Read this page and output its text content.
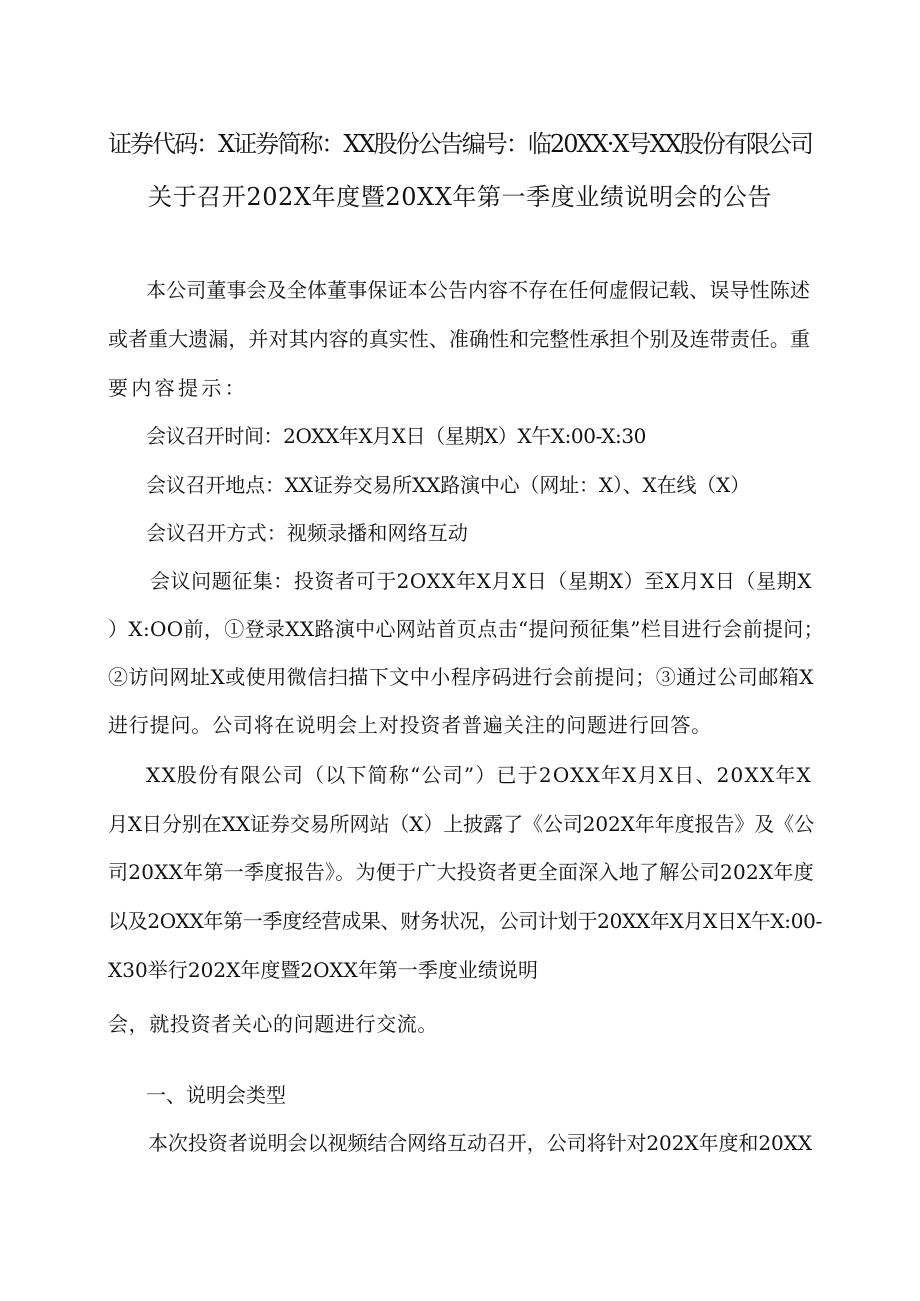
证券代码：X证券简称：XX股份公告编号：临20XX·X号XX股份有限公司

关于召开202X年度暨20XX年第一季度业绩说明会的公告

本公司董事会及全体董事保证本公告内容不存在任何虚假记载、误导性陈述

或者重大遗漏，并对其内容的真实性、准确性和完整性承担个别及连带责任。重

要内容提示：

会议召开时间：2OXX年X月X日（星期X）X午X:00-X:30

会议召开地点：XX证券交易所XX路演中心（网址：X）、X在线（X）

会议召开方式：视频录播和网络互动

会议问题征集：投资者可于2OXX年X月X日（星期X）至X月X日（星期X

）X:OO前，①登录XX路演中心网站首页点击“提问预征集”栏目进行会前提问；

②访问网址X或使用微信扫描下文中小程序码进行会前提问；③通过公司邮箱X

进行提问。公司将在说明会上对投资者普遍关注的问题进行回答。

XX股份有限公司（以下简称“公司”）已于2OXX年X月X日、20XX年X

月X日分别在XX证券交易所网站（X）上披露了《公司202X年年度报告》及《公

司20XX年第一季度报告》。为便于广大投资者更全面深入地了解公司202X年度

以及2OXX年第一季度经营成果、财务状况，公司计划于20XX年X月X日X午X:00-

X30举行202X年度暨2OXX年第一季度业绩说明

会，就投资者关心的问题进行交流。

一、说明会类型

本次投资者说明会以视频结合网络互动召开，公司将针对202X年度和20XX
